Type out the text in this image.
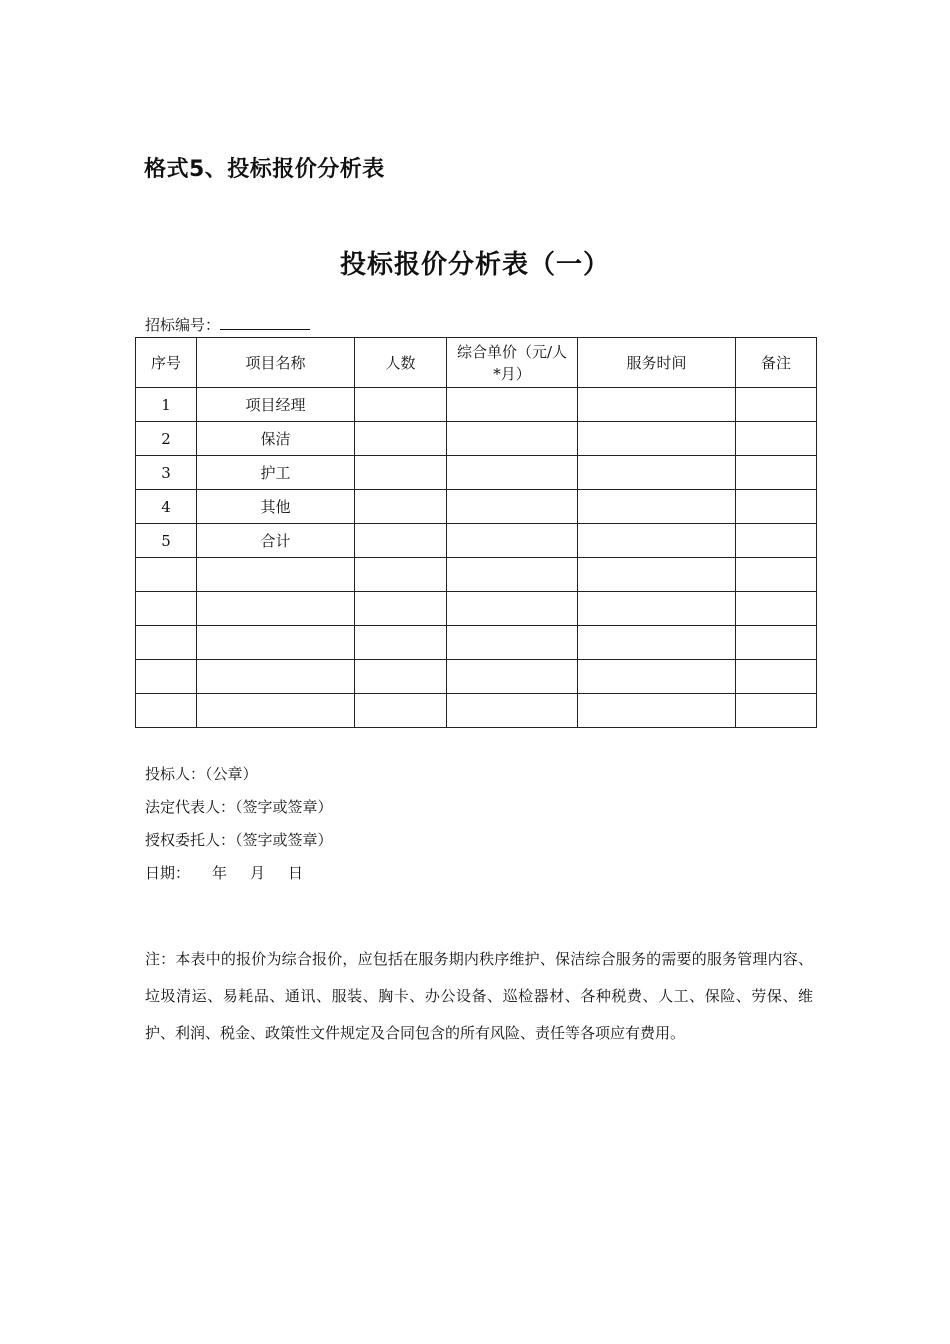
格式5、投标报价分析表
投标报价分析表（一）
招标编号：
序号	项目名称	人数	综合单价（元/人*月）	服务时间	备注
1	项目经理				
2	保洁				
3	护工				
4	其他				
5	合计				

投标人：（公章）
法定代表人：（签字或签章）
授权委托人：（签字或签章）
日期： 年 月 日
注：本表中的报价为综合报价，应包括在服务期内秩序维护、保洁综合服务的需要的服务管理内容、垃圾清运、易耗品、通讯、服装、胸卡、办公设备、巡检器材、各种税费、人工、保险、劳保、维护、利润、税金、政策性文件规定及合同包含的所有风险、责任等各项应有费用。
